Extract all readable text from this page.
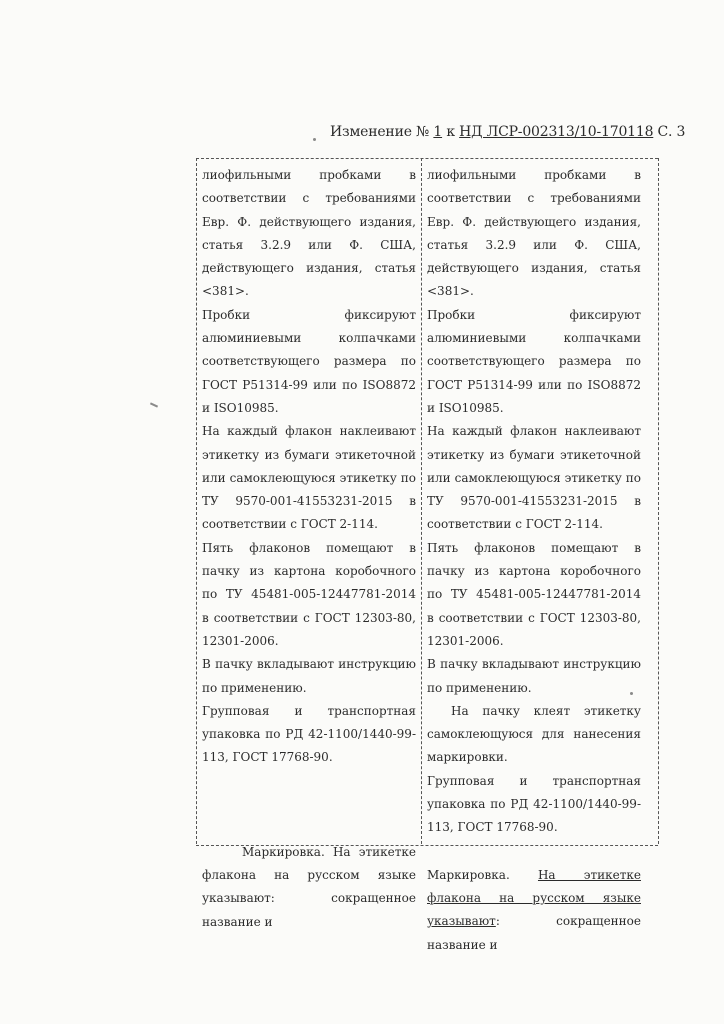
Изменение № 1 к НД ЛСР-002313/10-170118 С. 3

лиофильными пробками в соответствии с требованиями Евр. Ф. действующего издания, статья 3.2.9 или Ф. США, действующего издания, статья <381>.

Пробки фиксируют алюминиевыми колпачками соответствующего размера по ГОСТ Р51314-99 или по ISO8872 и ISO10985.

На каждый флакон наклеивают этикетку из бумаги этикеточной или самоклеющуюся этикетку по ТУ 9570-001-41553231-2015 в соответствии с ГОСТ 2-114.

Пять флаконов помещают в пачку из картона коробочного по ТУ 45481-005-12447781-2014 в соответствии с ГОСТ 12303-80, 12301-2006.

В пачку вкладывают инструкцию по применению.

Групповая и транспортная упаковка по РД 42-1100/1440-99-113, ГОСТ 17768-90.

Маркировка. На этикетке флакона на русском языке указывают: сокращенное название и

лиофильными пробками в соответствии с требованиями Евр. Ф. действующего издания, статья 3.2.9 или Ф. США, действующего издания, статья <381>.

Пробки фиксируют алюминиевыми колпачками соответствующего размера по ГОСТ Р51314-99 или по ISO8872 и ISO10985.

На каждый флакон наклеивают этикетку из бумаги этикеточной или самоклеющуюся этикетку по ТУ 9570-001-41553231-2015 в соответствии с ГОСТ 2-114.

Пять флаконов помещают в пачку из картона коробочного по ТУ 45481-005-12447781-2014 в соответствии с ГОСТ 12303-80, 12301-2006.

В пачку вкладывают инструкцию по применению.

На пачку клеят этикетку самоклеющуюся для нанесения маркировки.

Групповая и транспортная упаковка по РД 42-1100/1440-99-113, ГОСТ 17768-90.

Маркировка. На этикетке флакона на русском языке указывают: сокращенное название и
